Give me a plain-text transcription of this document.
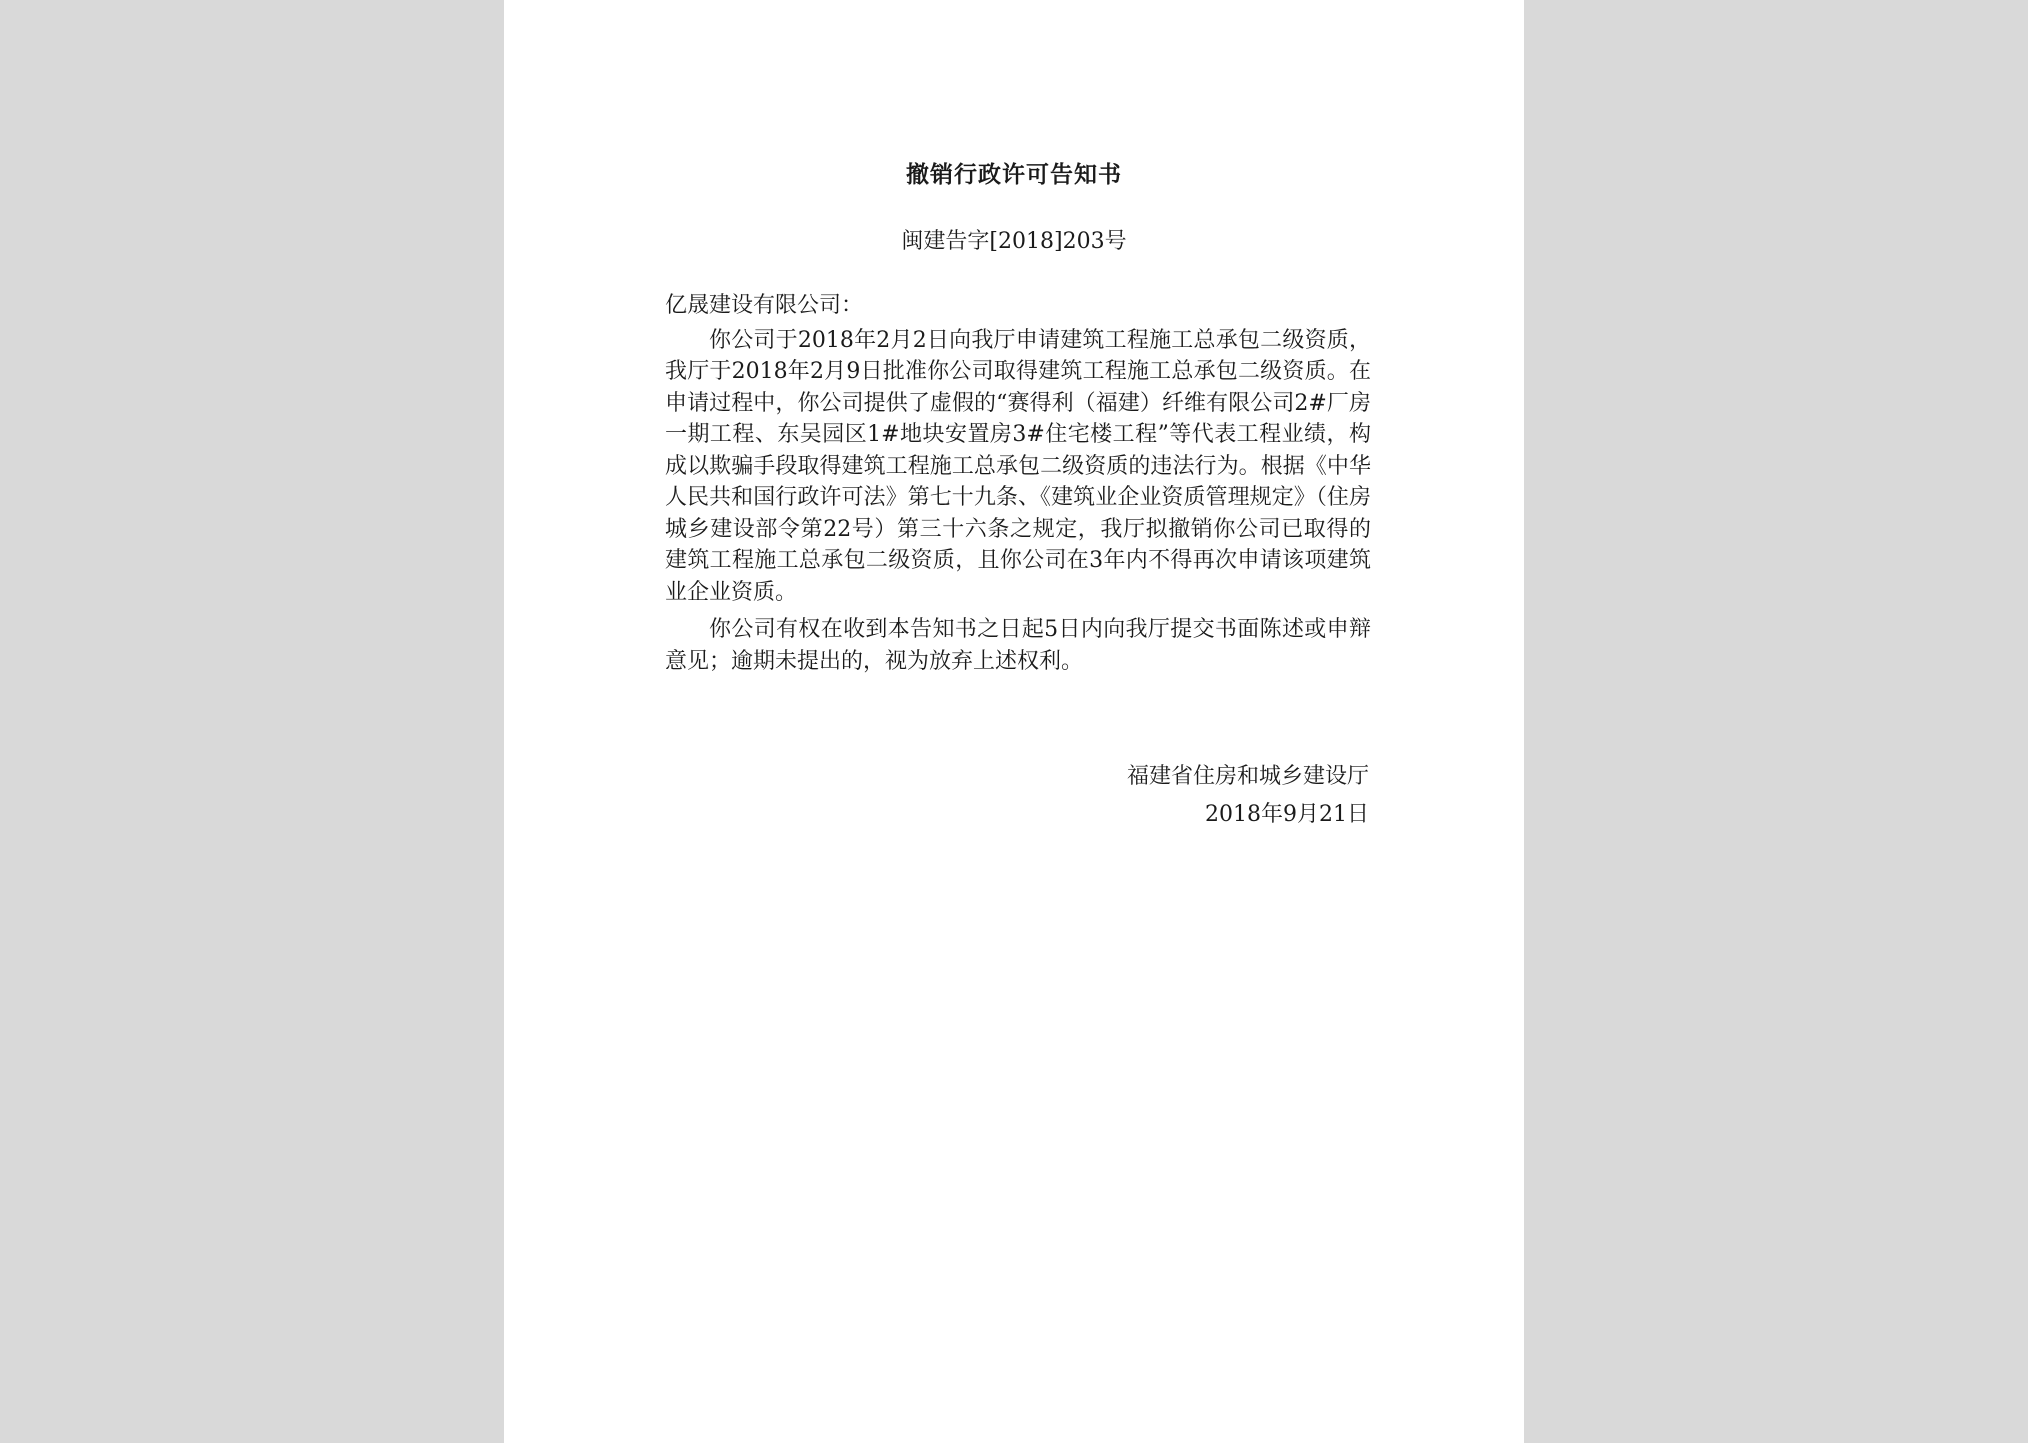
撤销行政许可告知书
闽建告字[2018]203号
亿晟建设有限公司：
你公司于2018年2月2日向我厅申请建筑工程施工总承包二级资质，我厅于2018年2月9日批准你公司取得建筑工程施工总承包二级资质。在申请过程中，你公司提供了虚假的“赛得利（福建）纤维有限公司2#厂房一期工程、东吴园区1#地块安置房3#住宅楼工程”等代表工程业绩，构成以欺骗手段取得建筑工程施工总承包二级资质的违法行为。根据《中华人民共和国行政许可法》第七十九条、《建筑业企业资质管理规定》（住房城乡建设部令第22号）第三十六条之规定，我厅拟撤销你公司已取得的建筑工程施工总承包二级资质，且你公司在3年内不得再次申请该项建筑业企业资质。
你公司有权在收到本告知书之日起5日内向我厅提交书面陈述或申辩意见；逾期未提出的，视为放弃上述权利。
福建省住房和城乡建设厅
2018年9月21日
